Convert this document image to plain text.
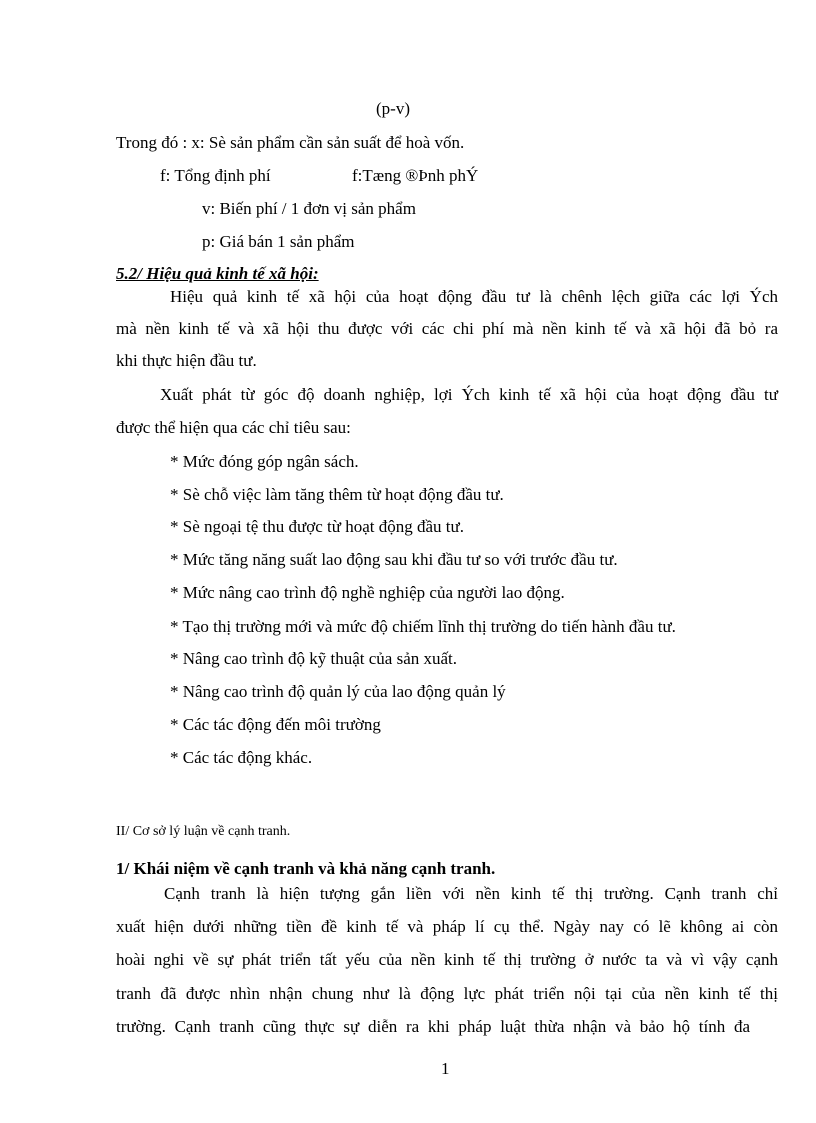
(p-v)
Trong đó : x: Sè sản phẩm cần sản suất để hoà vốn.
f: Tổng định phí	f:Tæng ®Þnh phÝ
v: Biến phí / 1 đơn vị sản phẩm
p: Giá bán 1 sản phẩm
5.2/ Hiệu quả kinh tế xã hội:
Hiệu quả kinh tế xã hội của hoạt động đầu tư là chênh lệch giữa các lợi Ých
mà nền kinh tế và xã hội thu được với các chi phí mà nền kinh tế và xã hội đã bỏ ra
khi thực hiện đầu tư.
Xuất phát từ góc độ doanh nghiệp, lợi Ých kinh tế xã hội của hoạt động đầu tư
được thể hiện qua các chỉ tiêu sau:
* Mức đóng góp ngân sách.
* Sè chỗ việc làm tăng thêm từ hoạt động đầu tư.
* Sè ngoại tệ thu được từ hoạt động đầu tư.
* Mức tăng năng suất lao động sau khi đầu tư so với trước đầu tư.
* Mức nâng cao trình độ nghề nghiệp của người lao động.
* Tạo thị trường mới và mức độ chiếm lĩnh thị trường do tiến hành đầu tư.
* Nâng cao trình độ kỹ thuật của sản xuất.
* Nâng cao trình độ quản lý của lao động quản lý
* Các tác động đến môi trường
* Các tác động khác.
II/ Cơ sở lý luận về cạnh tranh.
1/ Khái niệm về cạnh tranh và khả năng cạnh tranh.
Cạnh tranh là hiện tượng gắn liền với nền kinh tế thị trường. Cạnh tranh chỉ
xuất hiện dưới những tiền đề kinh tế và pháp lí cụ thể. Ngày nay có lẽ không ai còn
hoài nghi về sự phát triển tất yếu của nền kinh tế thị trường ở nước ta và vì vậy cạnh
tranh đã được nhìn nhận chung như là động lực phát triển nội tại của nền kinh tế thị
trường. Cạnh tranh cũng thực sự diễn ra khi pháp luật thừa nhận và bảo hộ tính đa
1
